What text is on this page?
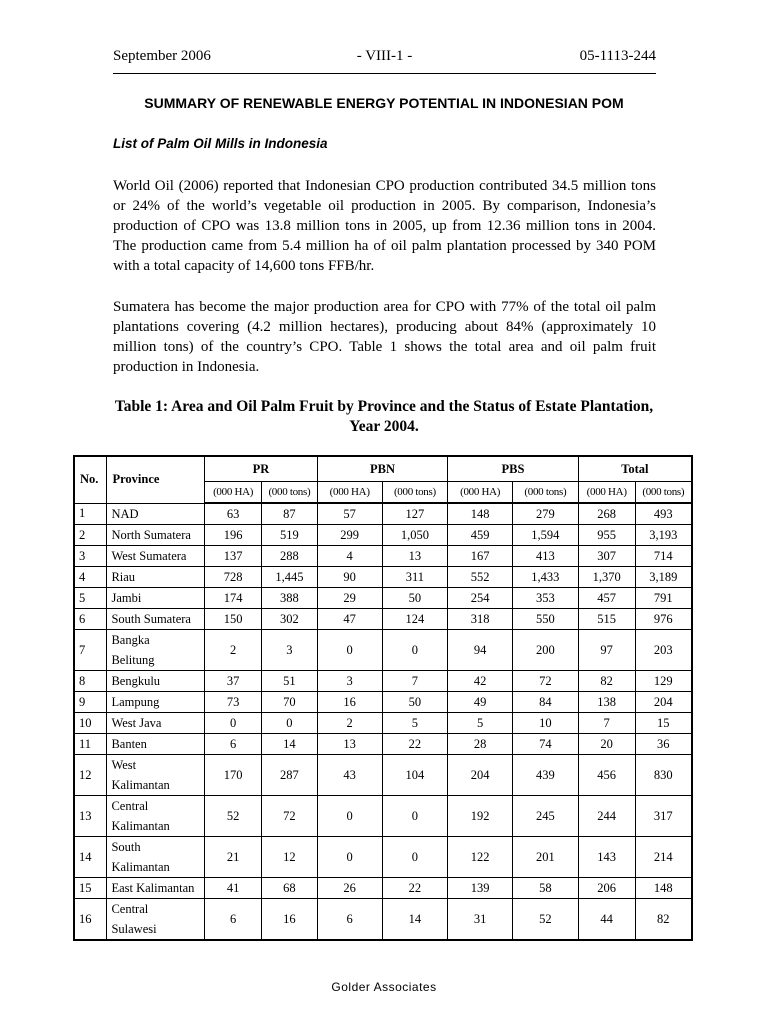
- VIII-1 -
September 2006	05-1113-244
SUMMARY OF RENEWABLE ENERGY POTENTIAL IN INDONESIAN POM
List of Palm Oil Mills in Indonesia

World Oil (2006) reported that Indonesian CPO production contributed 34.5 million tons or 24% of the world’s vegetable oil production in 2005. By comparison, Indonesia’s production of CPO was 13.8 million tons in 2005, up from 12.36 million tons in 2004. The production came from 5.4 million ha of oil palm plantation processed by 340 POM with a total capacity of 14,600 tons FFB/hr.

Sumatera has become the major production area for CPO with 77% of the total oil palm plantations covering (4.2 million hectares), producing about 84% (approximately 10 million tons) of the country’s CPO. Table 1 shows the total area and oil palm fruit production in Indonesia.

Table 1: Area and Oil Palm Fruit by Province and the Status of Estate Plantation, Year 2004.
No.	Province	PR		PBN		PBS		Total	
		(000 HA)	(000 tons)	(000 HA)	(000 tons)	(000 HA)	(000 tons)	(000 HA)	(000 tons)
1	NAD	63	87	57	127	148	279	268	493
2	North Sumatera	196	519	299	1,050	459	1,594	955	3,193
3	West Sumatera	137	288	4	13	167	413	307	714
4	Riau	728	1,445	90	311	552	1,433	1,370	3,189
5	Jambi	174	388	29	50	254	353	457	791
6	South Sumatera	150	302	47	124	318	550	515	976
7	Bangka
Belitung	2	3	0	0	94	200	97	203
8	Bengkulu	37	51	3	7	42	72	82	129
9	Lampung	73	70	16	50	49	84	138	204
10	West Java	0	0	2	5	5	10	7	15
11	Banten	6	14	13	22	28	74	20	36
12	West
Kalimantan	170	287	43	104	204	439	456	830
13	Central
Kalimantan	52	72	0	0	192	245	244	317
14	South
Kalimantan	21	12	0	0	122	201	143	214
15	East Kalimantan	41	68	26	22	139	58	206	148
16	Central
Sulawesi	6	16	6	14	31	52	44	82
Golder Associates
